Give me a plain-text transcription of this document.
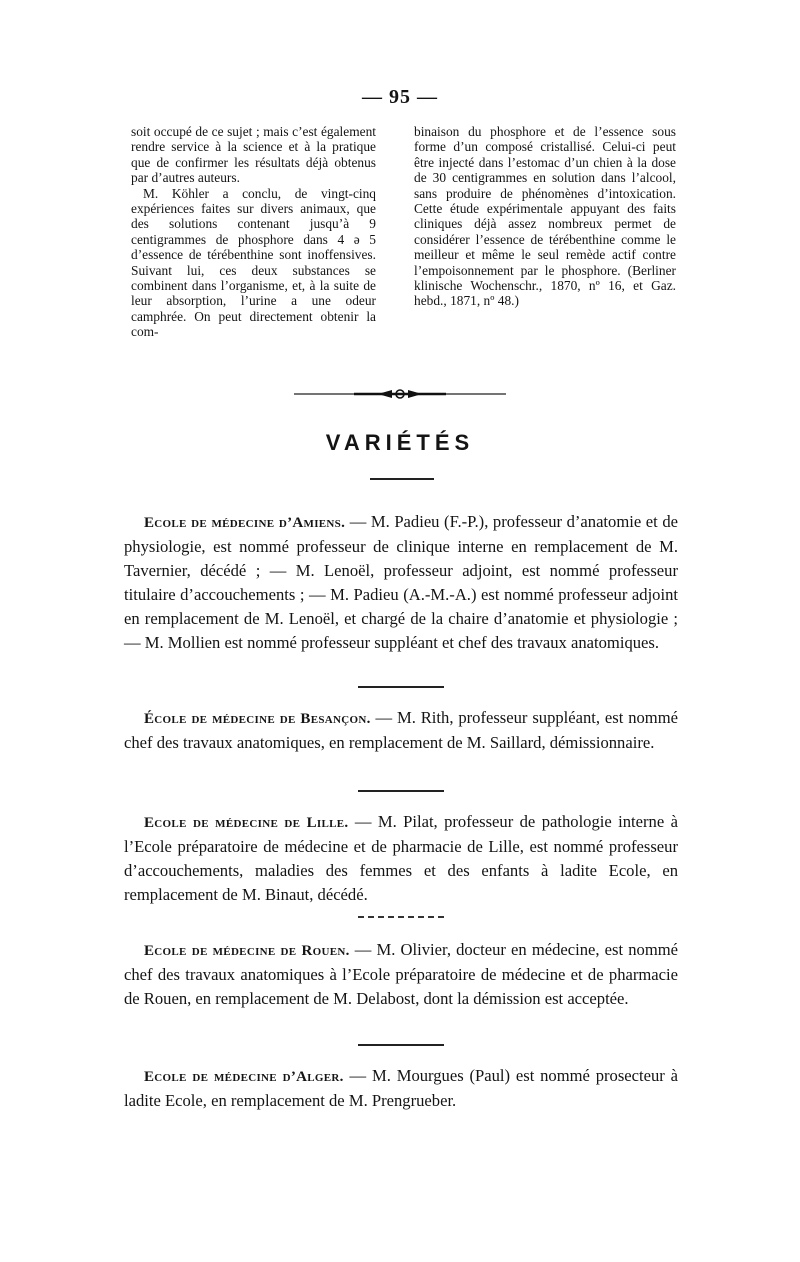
— 95 —

soit occupé de ce sujet ; mais c’est également rendre service à la science et à la pratique que de confirmer les résultats déjà obtenus par d’autres auteurs.

M. Köhler a conclu, de vingt-cinq expériences faites sur divers animaux, que des solutions contenant jusqu’à 9 centigrammes de phosphore dans 4 ə 5 d’essence de térébenthine sont inoffensives. Suivant lui, ces deux substances se combinent dans l’organisme, et, à la suite de leur absorption, l’urine a une odeur camphrée. On peut directement obtenir la com-

binaison du phosphore et de l’essence sous forme d’un composé cristallisé. Celui-ci peut être injecté dans l’estomac d’un chien à la dose de 30 centigrammes en solution dans l’alcool, sans produire de phénomènes d’intoxication. Cette étude expérimentale appuyant des faits cliniques déjà assez nombreux permet de considérer l’essence de térébenthine comme le meilleur et même le seul remède actif contre l’empoisonnement par le phosphore. (Berliner klinische Wochenschr., 1870, nº 16, et Gaz. hebd., 1871, nº 48.)

VARIÉTÉS

Ecole de médecine d’Amiens. — M. Padieu (F.-P.), professeur d’anatomie et de physiologie, est nommé professeur de clinique interne en remplacement de M. Tavernier, décédé ; — M. Lenoël, professeur adjoint, est nommé professeur titulaire d’accouchements ; — M. Padieu (A.-M.-A.) est nommé professeur adjoint en remplacement de M. Lenoël, et chargé de la chaire d’anatomie et physiologie ; — M. Mollien est nommé professeur suppléant et chef des travaux anatomiques.

École de médecine de Besançon. — M. Rith, professeur suppléant, est nommé chef des travaux anatomiques, en remplacement de M. Saillard, démissionnaire.

Ecole de médecine de Lille. — M. Pilat, professeur de pathologie interne à l’Ecole préparatoire de médecine et de pharmacie de Lille, est nommé professeur d’accouchements, maladies des femmes et des enfants à ladite Ecole, en remplacement de M. Binaut, décédé.

Ecole de médecine de Rouen. — M. Olivier, docteur en médecine, est nommé chef des travaux anatomiques à l’Ecole préparatoire de médecine et de pharmacie de Rouen, en remplacement de M. Delabost, dont la démission est acceptée.

Ecole de médecine d’Alger. — M. Mourgues (Paul) est nommé prosecteur à ladite Ecole, en remplacement de M. Prengrueber.
